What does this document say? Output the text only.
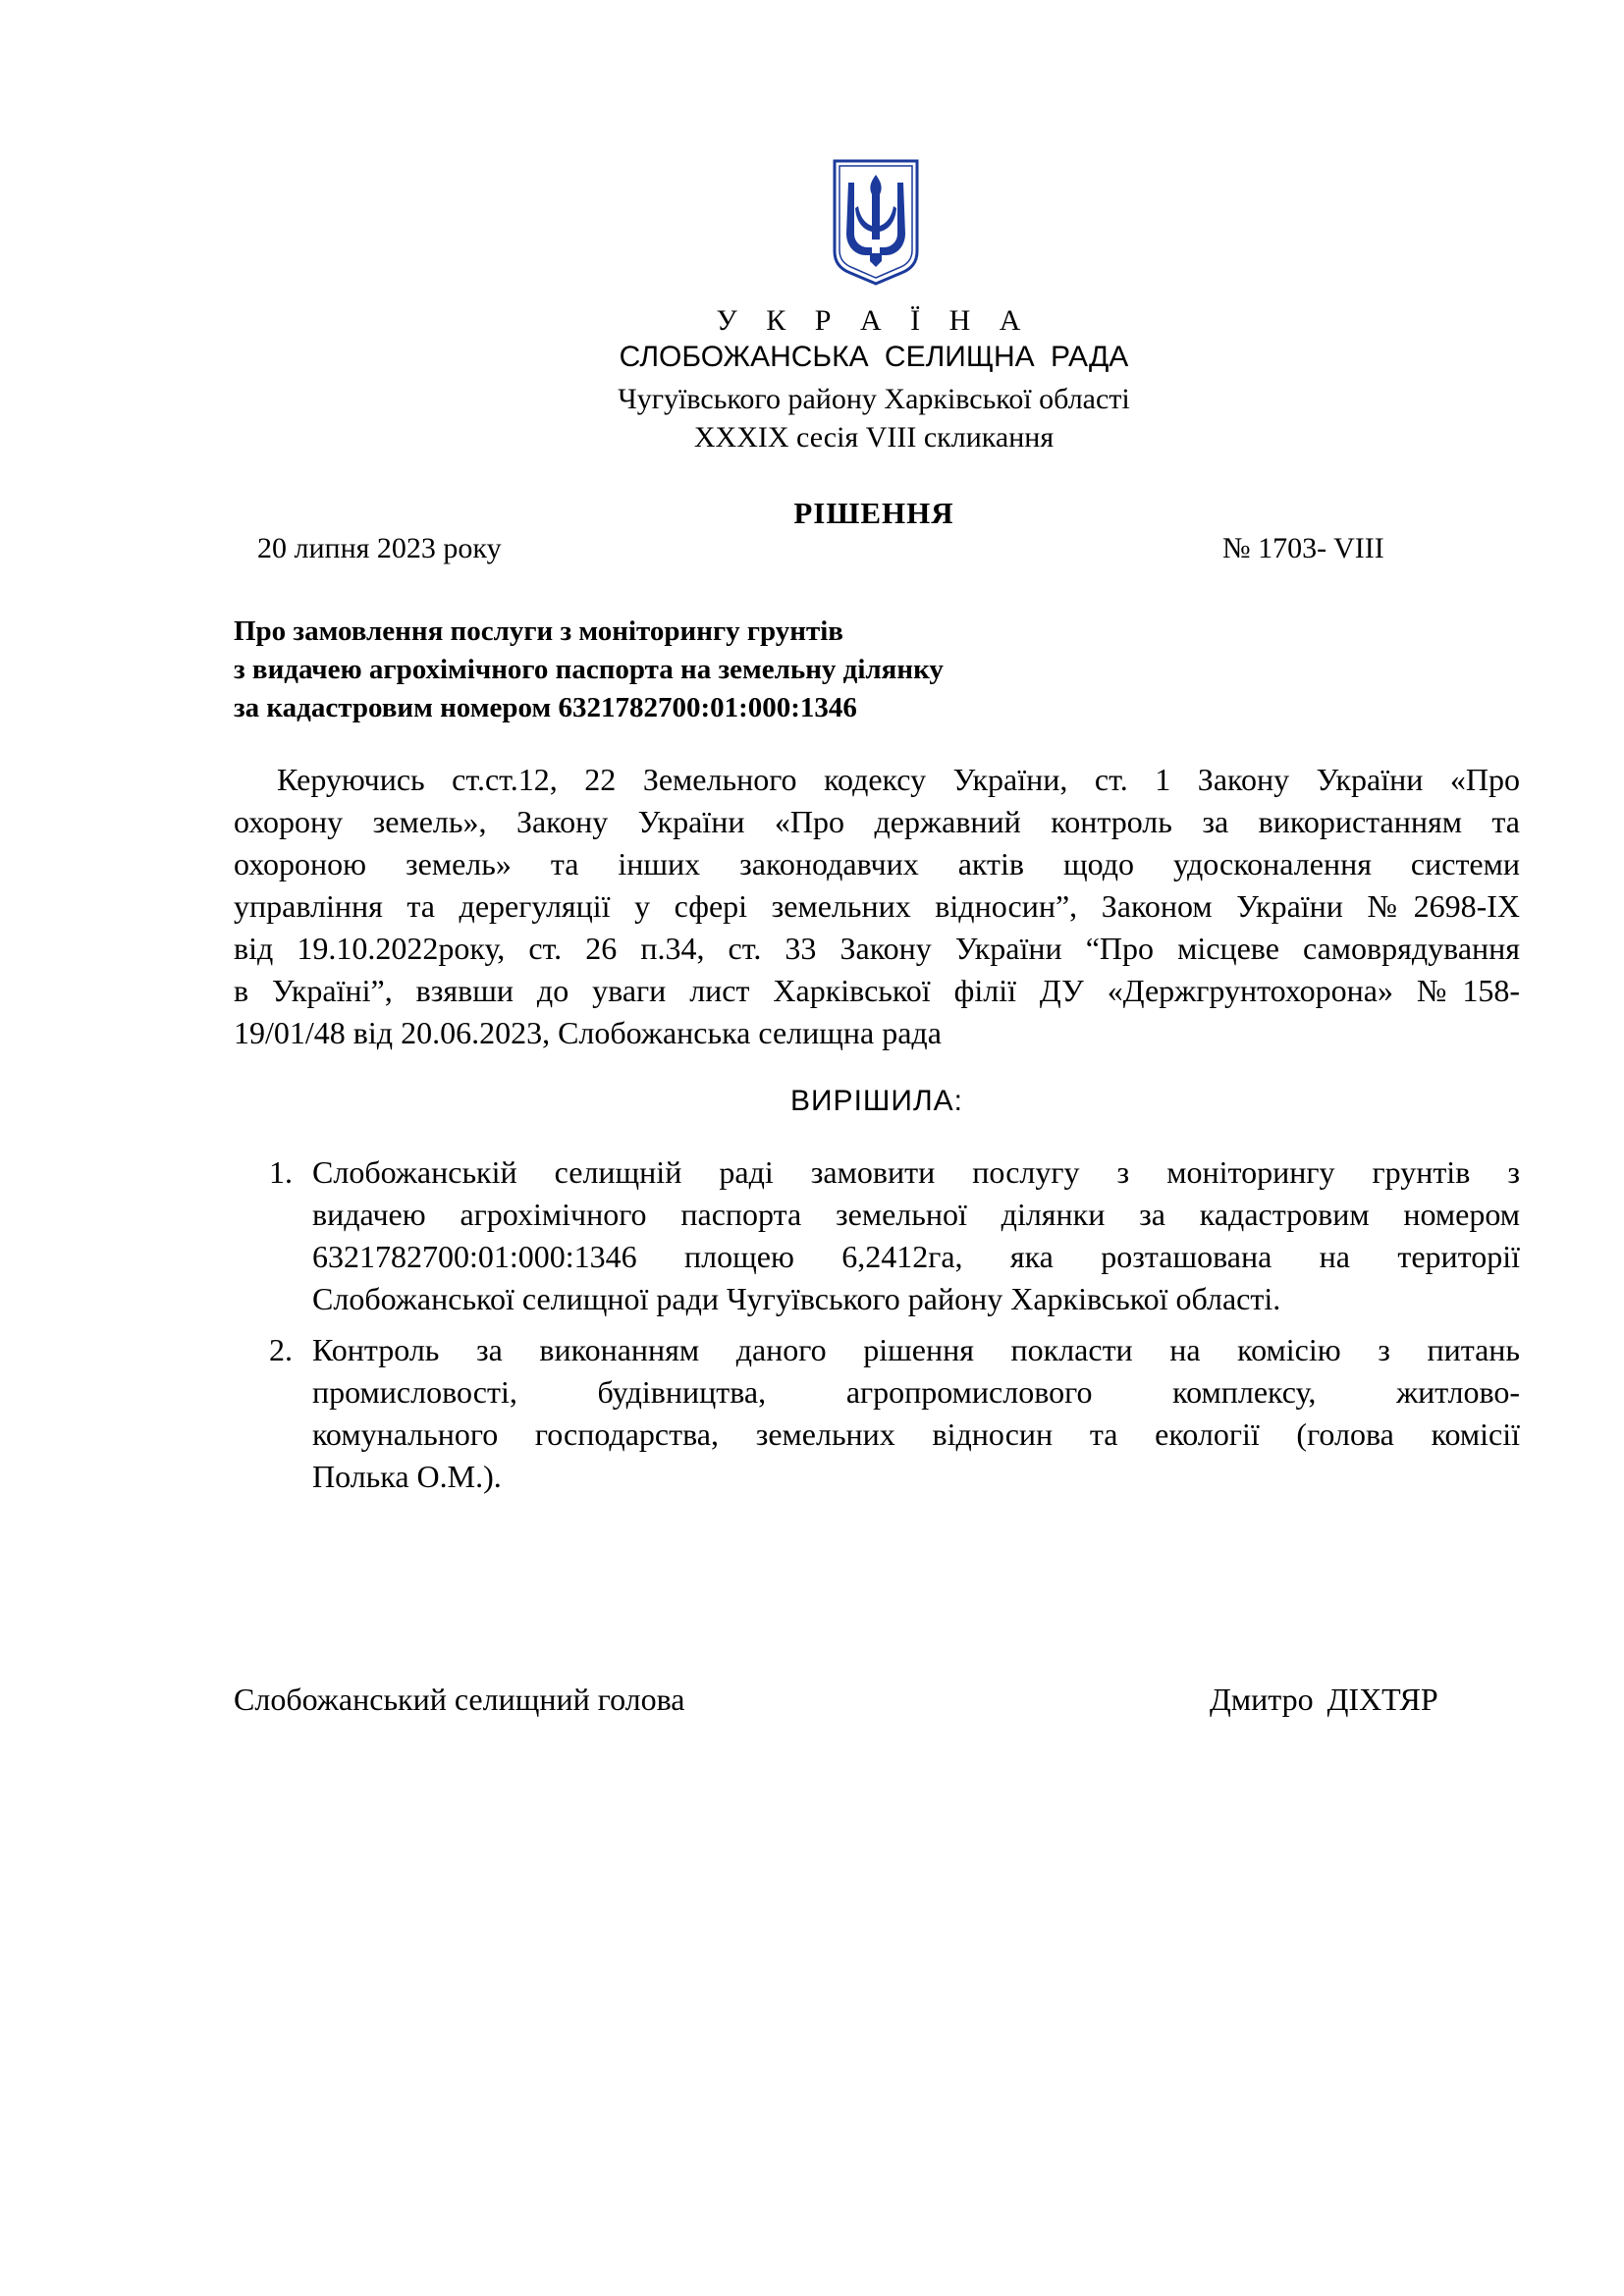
У К Р А Ї Н А
СЛОБОЖАНСЬКА СЕЛИЩНА РАДА
Чугуївського району Харківської області
XXXIX сесія VIII скликання
РІШЕННЯ
20 липня 2023 року	№ 1703- VIII
Про замовлення послуги з моніторингу грунтів
з видачею агрохімічного паспорта на земельну ділянку
за кадастровим номером 6321782700:01:000:1346
Керуючись ст.ст.12, 22 Земельного кодексу України, ст. 1 Закону України «Про
охорону земель», Закону України «Про державний контроль за використанням та
охороною земель» та інших законодавчих актів щодо удосконалення системи
управління та дерегуляції у сфері земельних відносин”, Законом України №2698-ІХ
від 19.10.2022року, ст. 26 п.34, ст. 33 Закону України “Про місцеве самоврядування
в Україні”, взявши до уваги лист Харківської філії ДУ «Держгрунтохорона» №158-
19/01/48 від 20.06.2023, Слобожанська селищна рада
ВИРІШИЛА:
1. Слобожанській селищній раді замовити послугу з моніторингу грунтів з
видачею агрохімічного паспорта земельної ділянки за кадастровим номером
6321782700:01:000:1346 площею 6,2412га, яка розташована на території
Слобожанської селищної ради Чугуївського району Харківської області.
2. Контроль за виконанням даного рішення покласти на комісію з питань
промисловості, будівництва, агропромислового комплексу, житлово-
комунального господарства, земельних відносин та екології (голова комісії
Полька О.М.).
Слобожанський селищний голова	Дмитро ДІХТЯР
